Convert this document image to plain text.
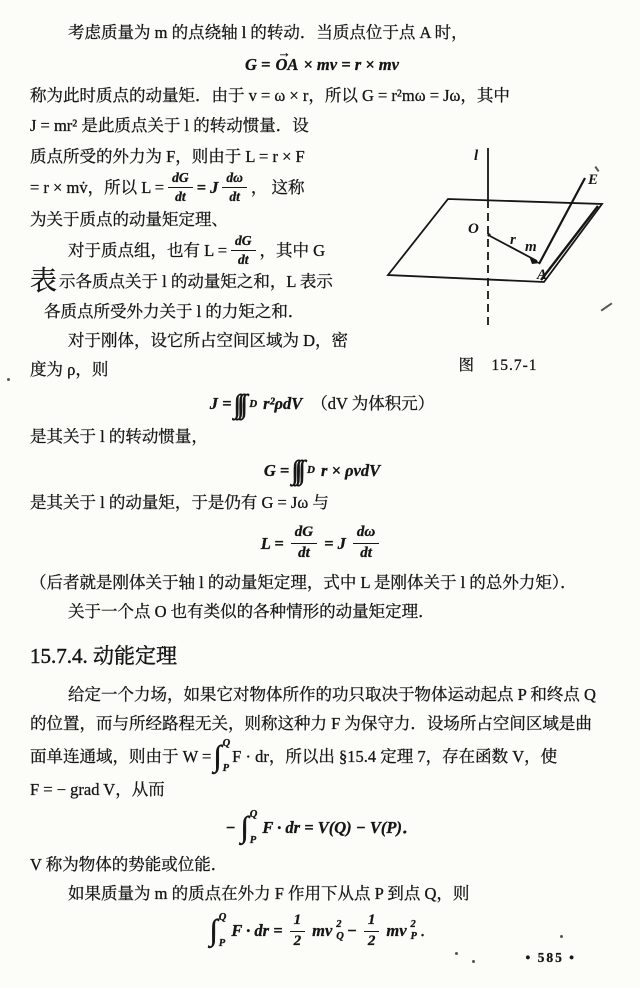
考虑质量为 m 的点绕轴 l 的转动．当质点位于点 A 时，
G = OA → × mv = r × mv
称为此时质点的动量矩．由于 v = ω × r，所以 G = r²mω = Jω，其中
J = mr² 是此质点关于 l 的转动惯量．设
质点所受的外力为 F，则由于 L = r × F
= r × mv̇，所以 $L = \frac{dG}{dt} = J \frac{d\omega}{dt}$ ， 这称
为关于质点的动量矩定理、
对于质点组，也有 $L = \frac{dG}{dt}$ ，其中 G
表 示各质点关于 l 的动量矩之和，L 表示
各质点所受外力关于 l 的力矩之和．
对于刚体，设它所占空间区域为 D，密
度为 ρ，则
l
E
O
r m
A
图　15.7-1
J = D r²ρdV （dV 为体积元）
是其关于 l 的转动惯量，
G = D r × ρvdV
是其关于 l 的动量矩，于是仍有 G = Jω 与
$L = \frac{dG}{dt} = J \frac{d\omega}{dt}$
（后者就是刚体关于轴 l 的动量矩定理，式中 L 是刚体关于 l 的总外力矩）．
关于一个点 O 也有类似的各种情形的动量矩定理．
15.7.4. 动能定理
给定一个力场，如果它对物体所作的功只取决于物体运动起点 P 和终点 Q
的位置，而与所经路程无关，则称这种力 F 为保守力．设场所占空间区域是曲
面单连通域，则由于 W = ∫ Q
P
F · dr，所以出 §15.4 定理 7，存在函数 V，使
F = − grad V，从而
− ∫ Q
P
F · dr = V(Q) − V(P)．
V 称为物体的势能或位能．
如果质量为 m 的质点在外力 F 作用下从点 P 到点 Q，则
∫ Q
P
F · dr = $\frac{1}{2}$ mv 2
$Q - \frac{1}{2}$ mv 2
P ．
• 585 •
